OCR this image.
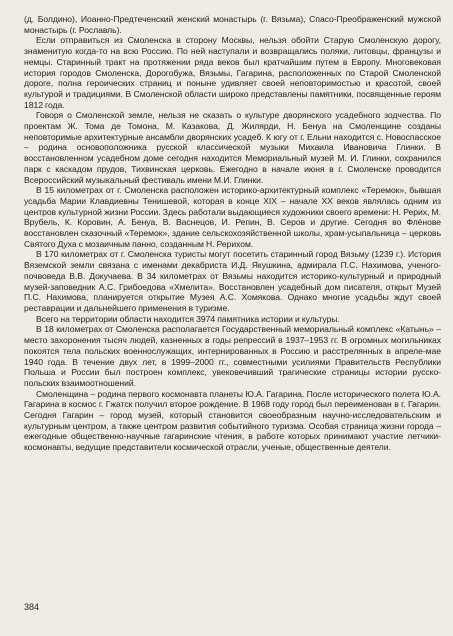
(д. Болдино), Иоанно-Предтеченский женский монастырь (г. Вязьма), Спасо-Преображенский мужской монастырь (г. Рославль).

Если отправиться из Смоленска в сторону Москвы, нельзя обойти Старую Смоленскую дорогу, знаменитую когда-то на всю Россию. По ней наступали и возвращались поляки, литовцы, французы и немцы. Старинный тракт на протяжении ряда веков был кратчайшим путем в Европу. Многовековая история городов Смоленска, Дорогобужа, Вязьмы, Гагарина, расположенных по Старой Смоленской дороге, полна героических страниц и поныне удивляет своей неповторимостью и красотой, своей культурой и традициями. В Смоленской области широко представлены памятники, посвященные героям 1812 года.

Говоря о Смоленской земле, нельзя не сказать о культуре дворянского усадебного зодчества. По проектам Ж. Тома де Томона, М. Казакова, Д. Жилярди, Н. Бенуа на Смоленщине созданы неповторимые архитектурные ансамбли дворянских усадеб. К югу от г. Ельни находится с. Новоспасское – родина основоположника русской классической музыки Михаила Ивановича Глинки. В восстановленном усадебном доме сегодня находится Мемориальный музей М. И. Глинки, сохранился парк с каскадом прудов, Тихвинская церковь. Ежегодно в начале июня в г. Смоленске проводится Всероссийский музыкальный фестиваль имени М.И. Глинки.

В 15 километрах от г. Смоленска расположен историко-архитектурный комплекс «Теремок», бывшая усадьба Марии Клавдиевны Тенишевой, которая в конце XIX – начале XX веков являлась одним из центров культурной жизни России. Здесь работали выдающиеся художники своего времени: Н. Рерих, М. Врубель, К. Коровин, А. Бенуа, В. Васнецов, И. Репин, В. Серов и другие. Сегодня во Флёнове восстановлен сказочный «Теремок», здание сельскохозяйственной школы, храм-усыпальница – церковь Святого Духа с мозаичным панно, созданным Н. Рерихом.

В 170 километрах от г. Смоленска туристы могут посетить старинный город Вязьму (1239 г.). История Вяземской земли связана с именами декабриста И.Д. Якушкина, адмирала П.С. Нахимова, ученого-почвоведа В.В. Докучаева. В 34 километрах от Вязьмы находится историко-культурный и природный музей-заповедник А.С. Грибоедова «Хмелита». Восстановлен усадебный дом писателя, открыт Музей П.С. Нахимова, планируется открытие Музея А.С. Хомякова. Однако многие усадьбы ждут своей реставрации и дальнейшего применения в туризме.

Всего на территории области находится 3974 памятника истории и культуры.

В 18 километрах от Смоленска располагается Государственный мемориальный комплекс «Катынь» – место захоронения тысяч людей, казненных в годы репрессий в 1937–1953 гг. В огромных могильниках покоятся тела польских военнослужащих, интернированных в Россию и расстрелянных в апреле-мае 1940 года. В течение двух лет, в 1999–2000 гг., совместными усилиями Правительств Республики Польша и России был построен комплекс, увековечивший трагические страницы истории русско-польских взаимоотношений.

Смоленщина – родина первого космонавта планеты Ю.А. Гагарина. После исторического полета Ю.А. Гагарина в космос г. Гжатск получил второе рождение. В 1968 году город был переименован в г. Гагарин. Сегодня Гагарин – город музей, который становится своеобразным научно-исследовательским и культурным центром, а также центром развития событийного туризма. Особая страница жизни города – ежегодные общественно-научные гагаринские чтения, в работе которых принимают участие летчики-космонавты, ведущие представители космической отрасли, ученые, общественные деятели.

384
